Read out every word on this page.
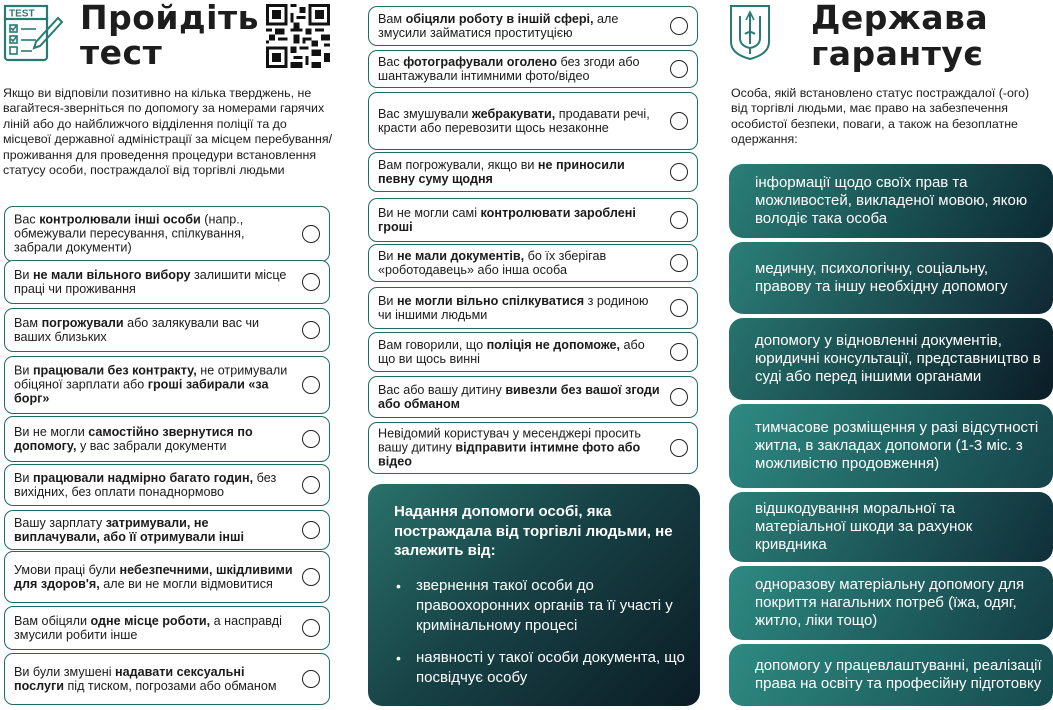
TEST Пройдіть
тест
Якщо ви відповіли позитивно на кілька тверджень, не вагайтеся-зверніться по допомогу за номерами гарячих ліній або до найближчого відділення поліції та до місцевої державної адміністрації за місцем перебування/ проживання для проведення процедури встановлення статусу особи, постраждалої від торгівлі людьми
Вас контролювали інші особи (напр., обмежували пересування, спілкування, забрали документи)
Ви не мали вільного вибору залишити місце праці чи проживання
Вам погрожували або залякували вас чи ваших близьких
Ви працювали без контракту, не отримували обіцяної зарплати або гроші забирали «за борг»
Ви не могли самостійно звернутися по допомогу, у вас забрали документи
Ви працювали надмірно багато годин, без вихідних, без оплати понаднормово
Вашу зарплату затримували, не виплачували, або її отримували інші
Умови праці були небезпечними, шкідливими для здоров'я, але ви не могли відмовитися
Вам обіцяли одне місце роботи, а насправді змусили робити інше
Ви були змушені надавати сексуальні послуги під тиском, погрозами або обманом
Вам обіцяли роботу в іншій сфері, але змусили займатися проституцією
Вас фотографували оголено без згоди або шантажували інтимними фото/відео
Вас змушували жебракувати, продавати речі, красти або перевозити щось незаконне
Вам погрожували, якщо ви не приносили певну суму щодня
Ви не могли самі контролювати зароблені гроші
Ви не мали документів, бо їх зберігав «роботодавець» або інша особа
Ви не могли вільно спілкуватися з родиною чи іншими людьми
Вам говорили, що поліція не допоможе, або що ви щось винні
Вас або вашу дитину вивезли без вашої згоди або обманом
Невідомий користувач у месенджері просить вашу дитину відправити інтимне фото або відео
Надання допомоги особі, яка постраждала від торгівлі людьми, не залежить від:
• звернення такої особи до правоохоронних органів та її участі у кримінальному процесі
• наявності у такої особи документа, що посвідчує особу
Держава
гарантує
Особа, якій встановлено статус постраждалої (-ого) від торгівлі людьми, має право на забезпечення особистої безпеки, поваги, а також на безоплатне одержання:
інформації щодо своїх прав та можливостей, викладеної мовою, якою володіє така особа
медичну, психологічну, соціальну, правову та іншу необхідну допомогу
допомогу у відновленні документів, юридичні консультації, представництво в суді або перед іншими органами
тимчасове розміщення у разі відсутності житла, в закладах допомоги (1-3 міс. з можливістю продовження)
відшкодування моральної та матеріальної шкоди за рахунок кривдника
одноразову матеріальну допомогу для покриття нагальних потреб (їжа, одяг, житло, ліки тощо)
допомогу у працевлаштуванні, реалізації права на освіту та професійну підготовку
